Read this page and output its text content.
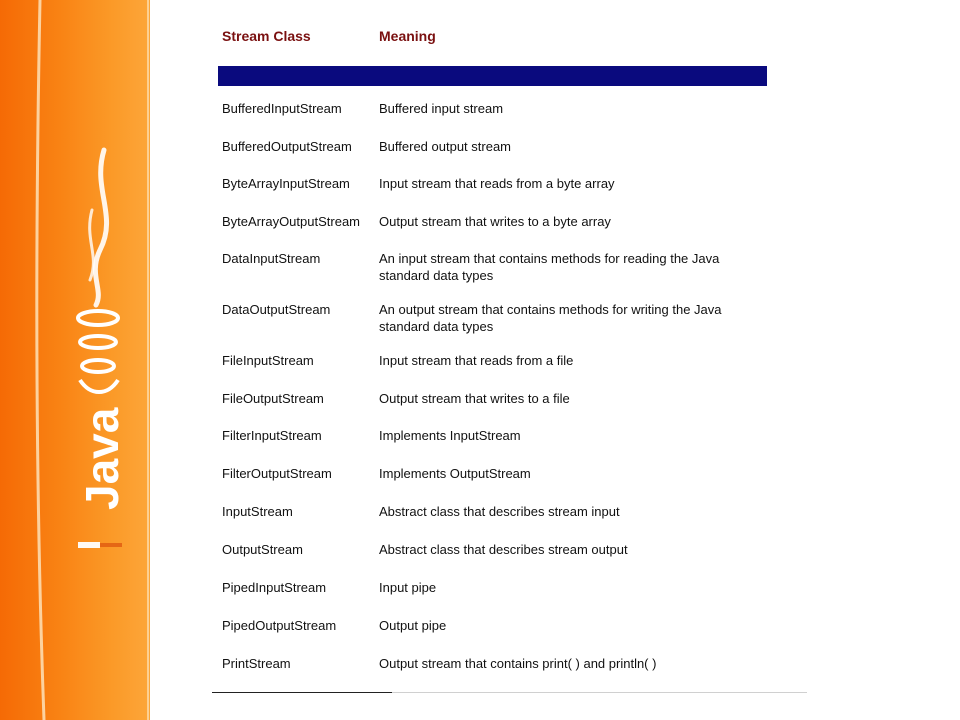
Java
Stream Class	Meaning
BufferedInputStream	Buffered input stream
BufferedOutputStream	Buffered output stream
ByteArrayInputStream	Input stream that reads from a byte array
ByteArrayOutputStream	Output stream that writes to a byte array
DataInputStream	An input stream that contains methods for reading the Java standard data types
DataOutputStream	An output stream that contains methods for writing the Java standard data types
FileInputStream	Input stream that reads from a file
FileOutputStream	Output stream that writes to a file
FilterInputStream	Implements InputStream
FilterOutputStream	Implements OutputStream
InputStream	Abstract class that describes stream input
OutputStream	Abstract class that describes stream output
PipedInputStream	Input pipe
PipedOutputStream	Output pipe
PrintStream	Output stream that contains print( ) and println( )
